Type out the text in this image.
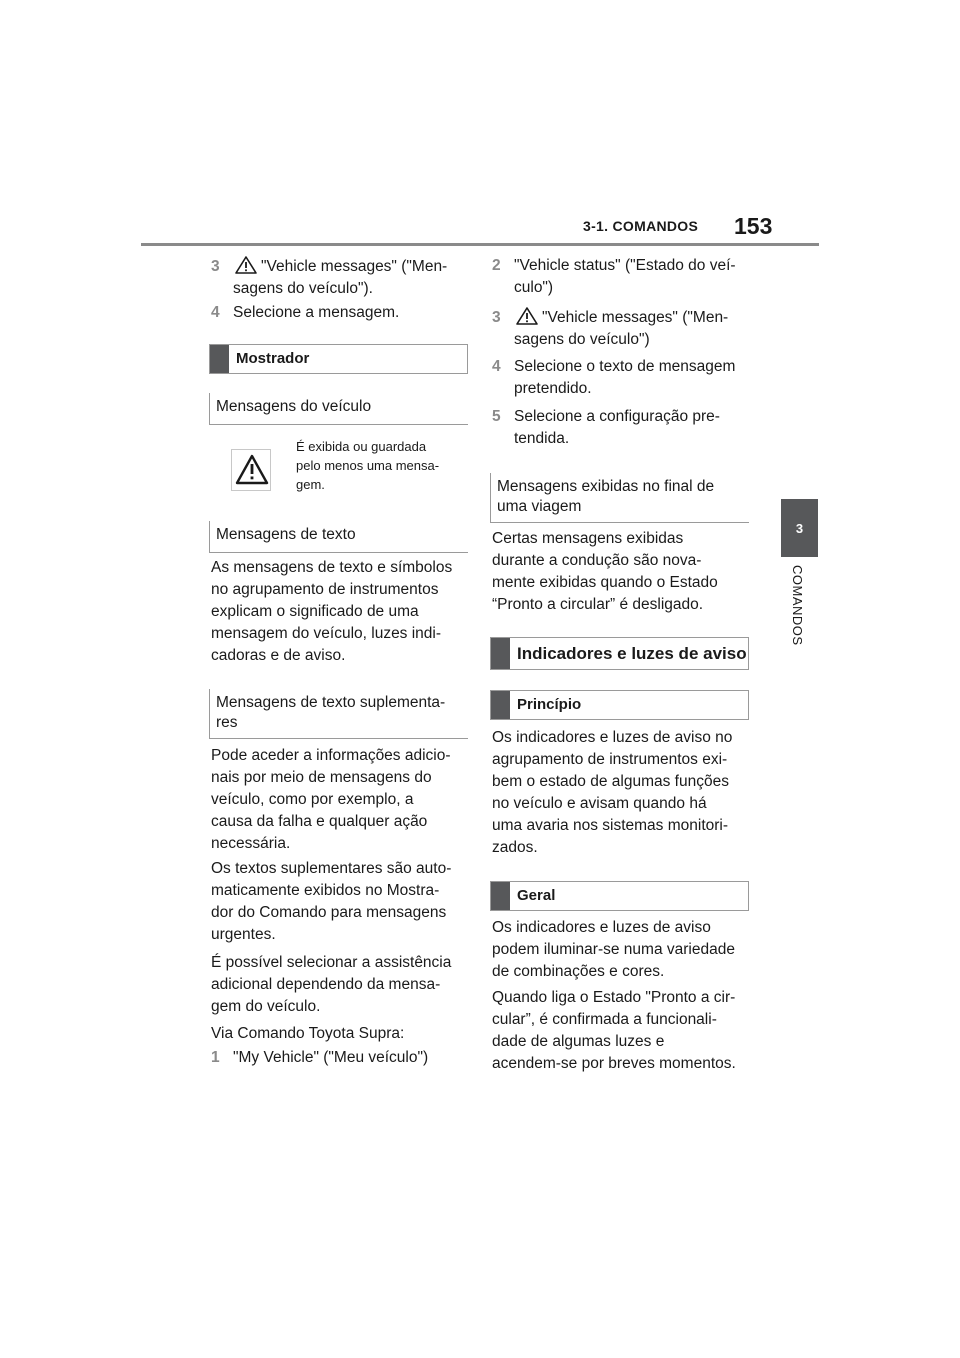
3-1. COMANDOS 153
3
COMANDOS
3	"Vehicle messages" ("Men-
sagens do veículo").
4 Selecione a mensagem.
Mostrador
Mensagens do veículo
É exibida ou guardada
pelo menos uma mensa-
gem.
Mensagens de texto
As mensagens de texto e símbolos
no agrupamento de instrumentos
explicam o significado de uma
mensagem do veículo, luzes indi-
cadoras e de aviso.
Mensagens de texto suplementa-
res
Pode aceder a informações adicio-
nais por meio de mensagens do
veículo, como por exemplo, a
causa da falha e qualquer ação
necessária.
Os textos suplementares são auto-
maticamente exibidos no Mostra-
dor do Comando para mensagens
urgentes.
É possível selecionar a assistência
adicional dependendo da mensa-
gem do veículo.
Via Comando Toyota Supra:
1 "My Vehicle" ("Meu veículo")
2 "Vehicle status" ("Estado do veí-
culo")
3	"Vehicle messages" ("Men-
sagens do veículo")
4 Selecione o texto de mensagem
pretendido.
5 Selecione a configuração pre-
tendida.
Mensagens exibidas no final de
uma viagem
Certas mensagens exibidas
durante a condução são nova-
mente exibidas quando o Estado
“Pronto a circular” é desligado.
Indicadores e luzes de aviso
Princípio
Os indicadores e luzes de aviso no
agrupamento de instrumentos exi-
bem o estado de algumas funções
no veículo e avisam quando há
uma avaria nos sistemas monitori-
zados.
Geral
Os indicadores e luzes de aviso
podem iluminar-se numa variedade
de combinações e cores.
Quando liga o Estado "Pronto a cir-
cular”, é confirmada a funcionali-
dade de algumas luzes e
acendem-se por breves momentos.
